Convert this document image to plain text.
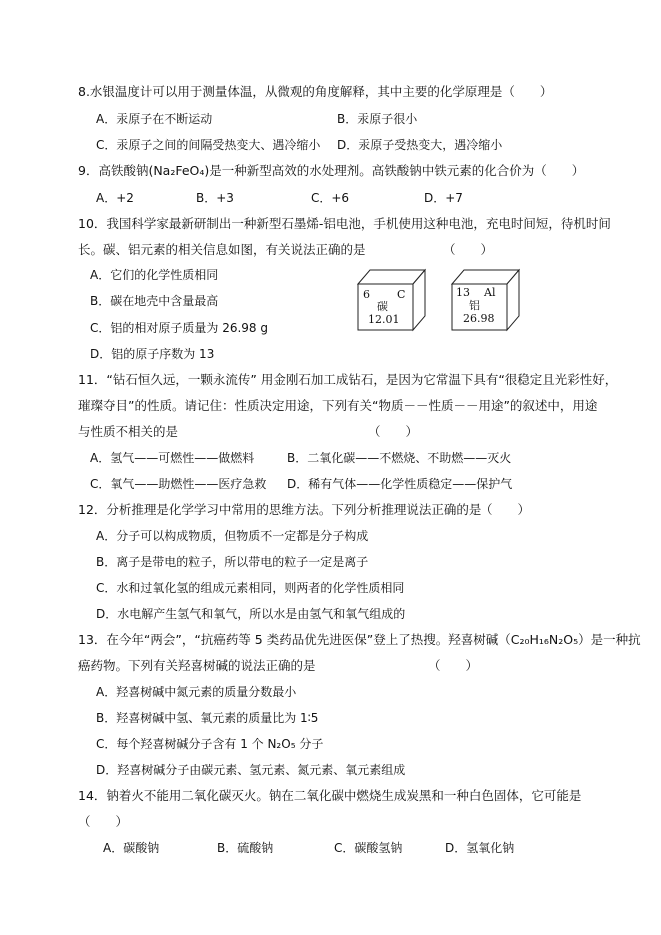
8.水银温度计可以用于测量体温，从微观的角度解释，其中主要的化学原理是（　　）
A．汞原子在不断运动	B．汞原子很小
C．汞原子之间的间隔受热变大、遇冷缩小 D．汞原子受热变大，遇冷缩小
9．高铁酸钠(Na₂FeO₄)是一种新型高效的水处理剂。高铁酸钠中铁元素的化合价为（　　）
A．+2	B．+3	C．+6	D．+7
10．我国科学家最新研制出一种新型石墨烯-铝电池，手机使用这种电池，充电时间短，待机时间
长。碳、铝元素的相关信息如图，有关说法正确的是	（　　）
A．它们的化学性质相同
B．碳在地壳中含量最高
C．铝的相对原子质量为 26.98 g
D．铝的原子序数为 13
6 C
碳
12.01
13 Al
铝
26.98
11．“钻石恒久远，一颗永流传” 用金刚石加工成钻石，是因为它常温下具有“很稳定且光彩性好，
璀璨夺目”的性质。请记住：性质决定用途，下列有关“物质－－性质－－用途”的叙述中，用途
与性质不相关的是	（　　）
A．氢气——可燃性——做燃料	B．二氧化碳——不燃烧、不助燃——灭火
C．氧气——助燃性——医疗急救 D．稀有气体——化学性质稳定——保护气
12．分析推理是化学学习中常用的思维方法。下列分析推理说法正确的是
（　　）
A．分子可以构成物质，但物质不一定都是分子构成
B．离子是带电的粒子，所以带电的粒子一定是离子
C．水和过氧化氢的组成元素相同，则两者的化学性质相同
D．水电解产生氢气和氧气，所以水是由氢气和氧气组成的
13．在今年“两会”，“抗癌药等 5 类药品优先进医保”登上了热搜。羟喜树碱（C₂₀H₁₆N₂O₅）是一种抗
癌药物。下列有关羟喜树碱的说法正确的是	（　　）
A．羟喜树碱中氮元素的质量分数最小
B．羟喜树碱中氢、氧元素的质量比为 1∶5
C．每个羟喜树碱分子含有 1 个 N₂O₅ 分子
D．羟喜树碱分子由碳元素、氢元素、氮元素、氧元素组成
14．钠着火不能用二氧化碳灭火。钠在二氧化碳中燃烧生成炭黑和一种白色固体，它可能是
（　　）
A．碳酸钠	B．硫酸钠	C．碳酸氢钠	D．氢氧化钠
